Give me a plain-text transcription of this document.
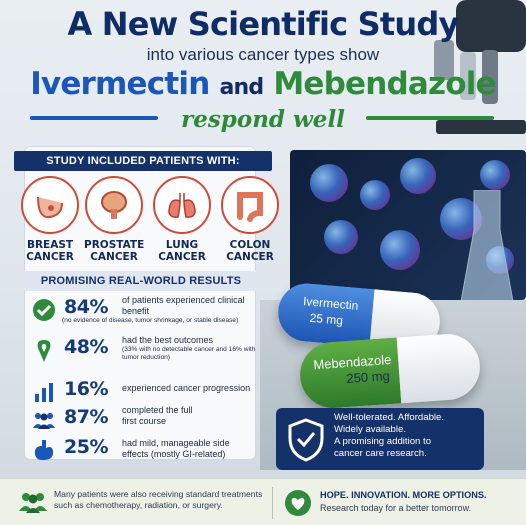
A New Scientific Study
into various cancer types show
Ivermectin and Mebendazole
respond well
STUDY INCLUDED PATIENTS WITH:
BREAST
CANCER
PROSTATE
CANCER
LUNG
CANCER
COLON
CANCER
PROMISING REAL-WORLD RESULTS
84% of patients experienced clinical benefit
(no evidence of disease, tumor shrinkage, or stable disease)
48% had the best outcomes
(33% with no detectable cancer and 16% with tumor reduction)
16% experienced cancer progression
87% completed the full first course
25% had mild, manageable side effects (mostly GI-related)
Ivermectin
25 mg
Mebendazole
250 mg
Well-tolerated. Affordable.
Widely available.
A promising addition to
cancer care research.
Many patients were also receiving standard treatments such as chemotherapy, radiation, or surgery.
HOPE. INNOVATION. MORE OPTIONS.
Research today for a better tomorrow.
